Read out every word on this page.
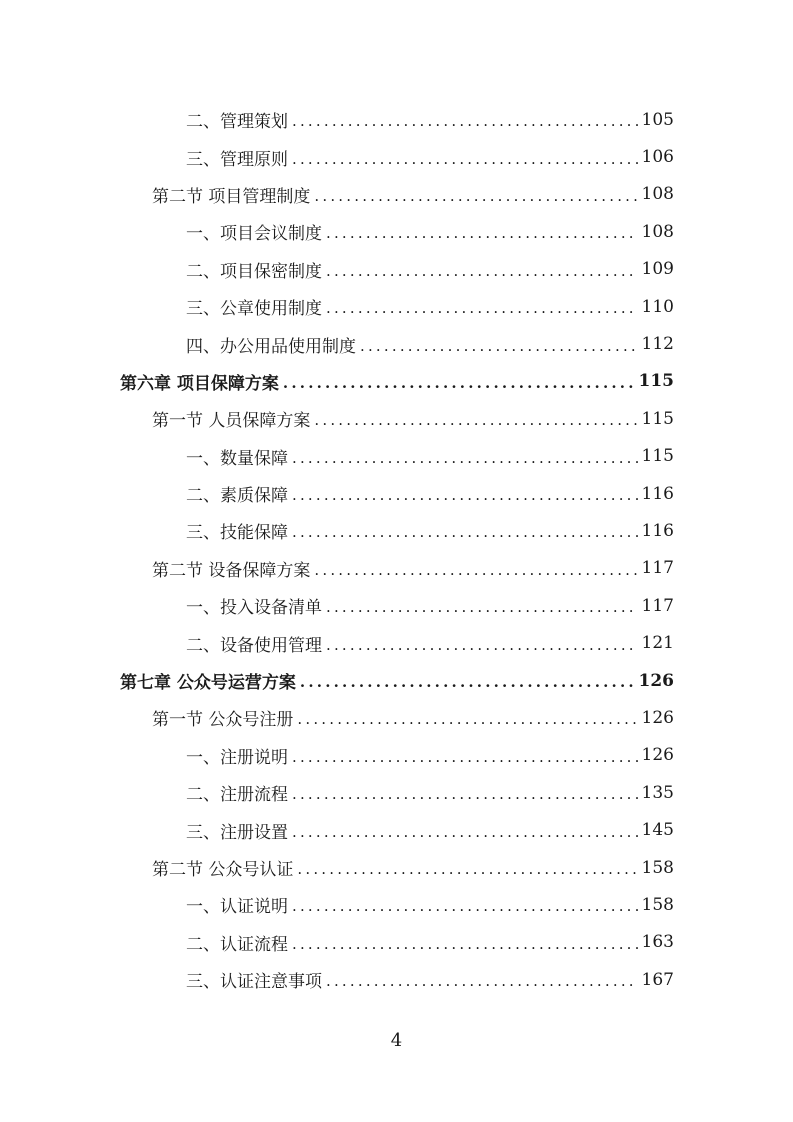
二、管理策划 .....	105
三、管理原则 .....	106
第二节 项目管理制度 .....	108
一、项目会议制度 .....	108
二、项目保密制度 .....	109
三、公章使用制度 .....	110
四、办公用品使用制度 .....	112
第六章 项目保障方案 .....	115
第一节 人员保障方案 .....	115
一、数量保障 .....	115
二、素质保障 .....	116
三、技能保障 .....	116
第二节 设备保障方案 .....	117
一、投入设备清单 .....	117
二、设备使用管理 .....	121
第七章 公众号运营方案 .....	126
第一节 公众号注册 .....	126
一、注册说明 .....	126
二、注册流程 .....	135
三、注册设置 .....	145
第二节 公众号认证 .....	158
一、认证说明 .....	158
二、认证流程 .....	163
三、认证注意事项 .....	167
4
